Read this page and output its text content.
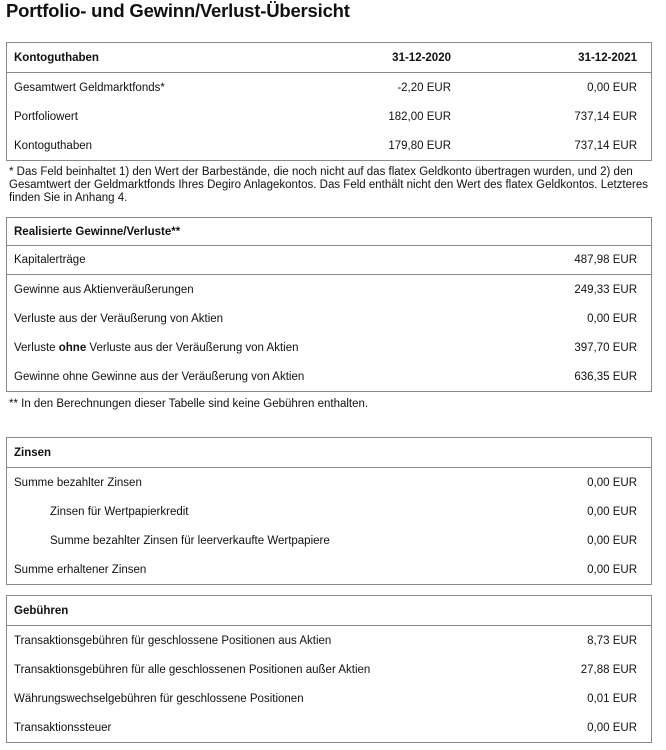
Portfolio- und Gewinn/Verlust-Übersicht
Kontoguthaben	31-12-2020	31-12-2021
Gesamtwert Geldmarktfonds*	-2,20 EUR	0,00 EUR
Portfoliowert	182,00 EUR	737,14 EUR
Kontoguthaben	179,80 EUR	737,14 EUR
* Das Feld beinhaltet 1) den Wert der Barbestände, die noch nicht auf das flatex Geldkonto übertragen wurden, und 2) den Gesamtwert der Geldmarktfonds Ihres Degiro Anlagekontos. Das Feld enthält nicht den Wert des flatex Geldkontos. Letzteres finden Sie in Anhang 4.
Realisierte Gewinne/Verluste**
Kapitalerträge	487,98 EUR
Gewinne aus Aktienveräußerungen	249,33 EUR
Verluste aus der Veräußerung von Aktien	0,00 EUR
Verluste ohne Verluste aus der Veräußerung von Aktien	397,70 EUR
Gewinne ohne Gewinne aus der Veräußerung von Aktien	636,35 EUR
** In den Berechnungen dieser Tabelle sind keine Gebühren enthalten.
Zinsen
Summe bezahlter Zinsen	0,00 EUR
Zinsen für Wertpapierkredit	0,00 EUR
Summe bezahlter Zinsen für leerverkaufte Wertpapiere	0,00 EUR
Summe erhaltener Zinsen	0,00 EUR
Gebühren
Transaktionsgebühren für geschlossene Positionen aus Aktien	8,73 EUR
Transaktionsgebühren für alle geschlossenen Positionen außer Aktien	27,88 EUR
Währungswechselgebühren für geschlossene Positionen	0,01 EUR
Transaktionssteuer	0,00 EUR
